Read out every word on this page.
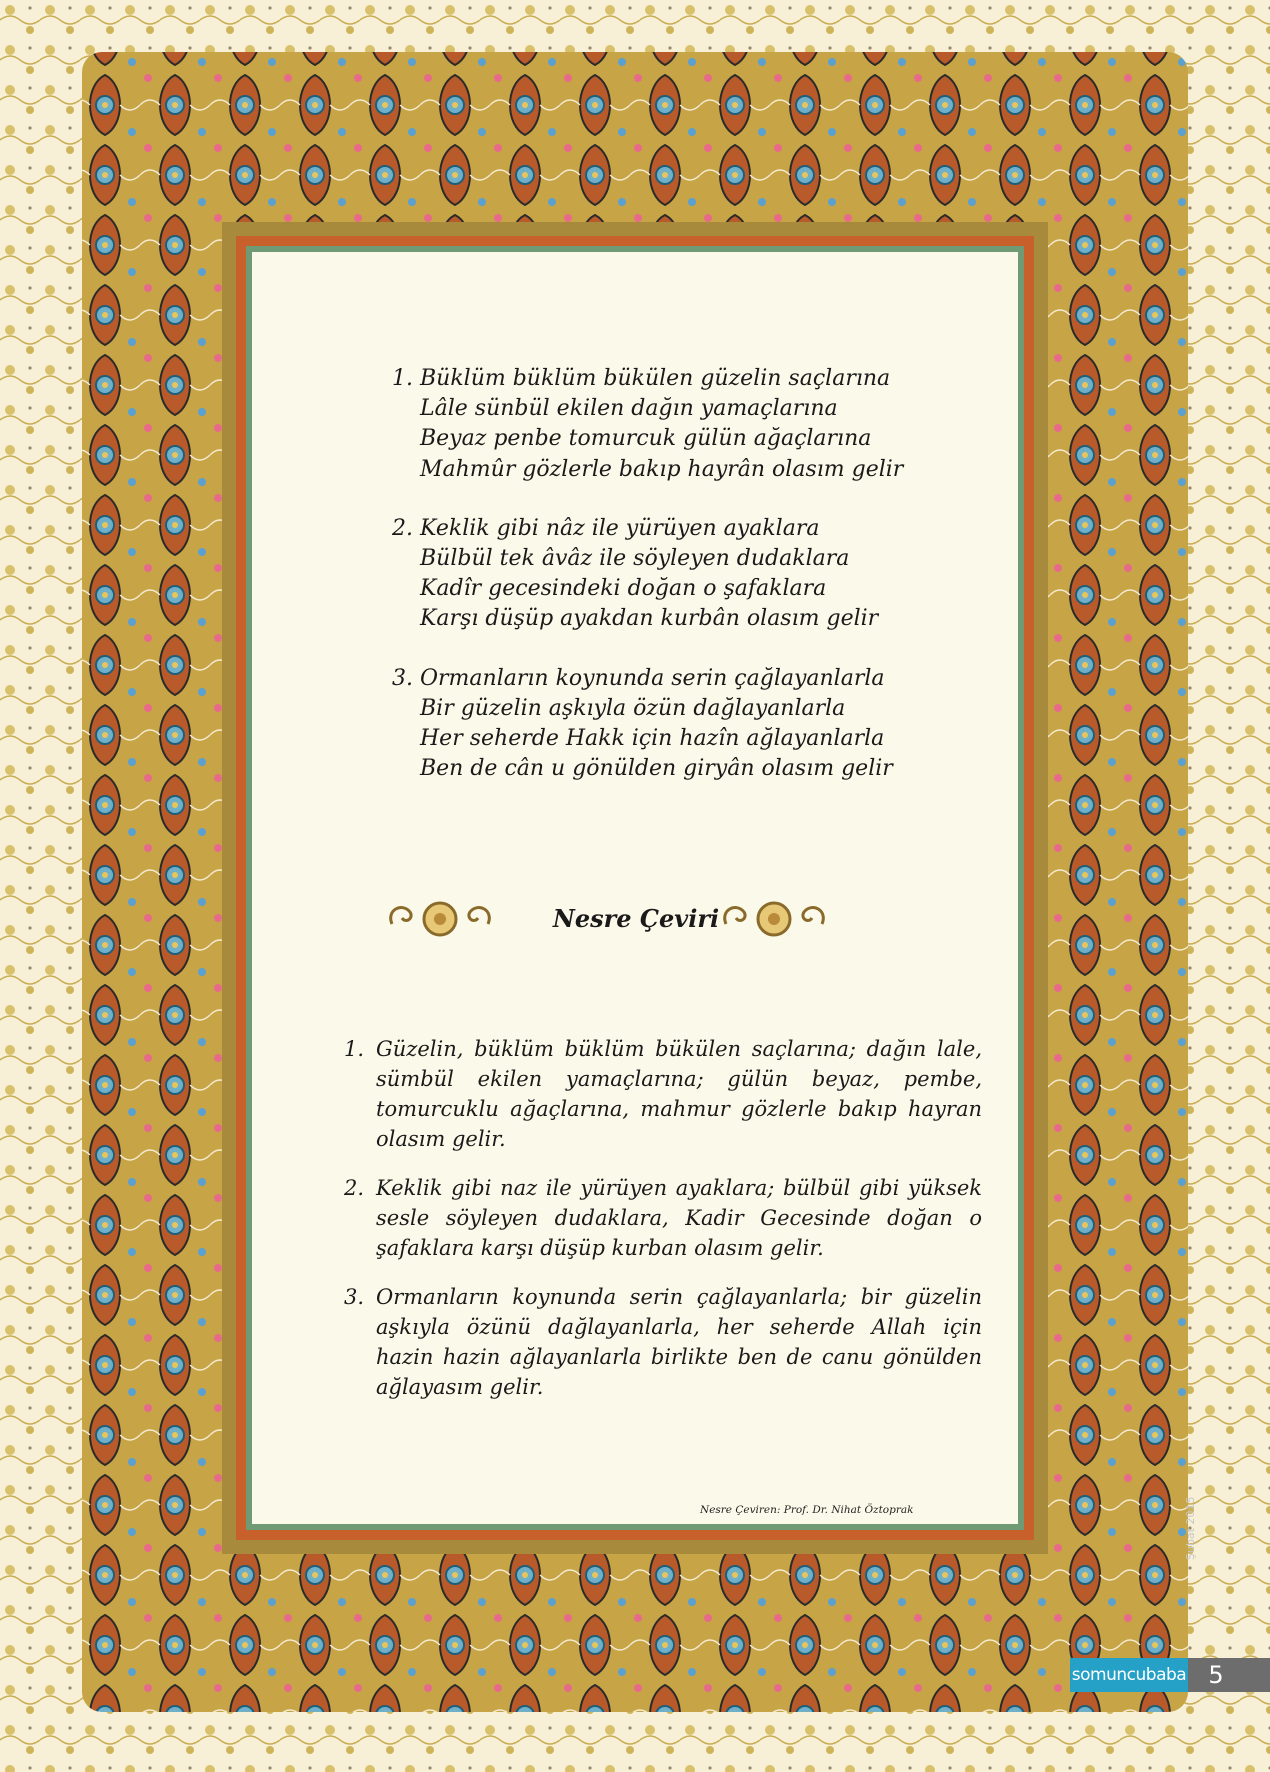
1. Büklüm büklüm bükülen güzelin saçlarına
Lâle sünbül ekilen dağın yamaçlarına
Beyaz penbe tomurcuk gülün ağaçlarına
Mahmûr gözlerle bakıp hayrân olasım gelir
2. Keklik gibi nâz ile yürüyen ayaklara
Bülbül tek âvâz ile söyleyen dudaklara
Kadîr gecesindeki doğan o şafaklara
Karşı düşüp ayakdan kurbân olasım gelir
3. Ormanların koynunda serin çağlayanlarla
Bir güzelin aşkıyla özün dağlayanlarla
Her seherde Hakk için hazîn ağlayanlarla
Ben de cân u gönülden giryân olasım gelir
Nesre Çeviri
1. Güzelin, büklüm büklüm bükülen saçlarına; dağın lale, sümbül ekilen yamaçlarına; gülün beyaz, pembe, tomurcuklu ağaçlarına, mahmur gözlerle bakıp hayran olasım gelir.
2. Keklik gibi naz ile yürüyen ayaklara; bülbül gibi yüksek sesle söyleyen dudaklara, Kadir Gecesinde doğan o şafaklara karşı düşüp kurban olasım gelir.
3. Ormanların koynunda serin çağlayanlarla; bir güzelin aşkıyla özünü dağlayanlarla, her seherde Allah için hazin hazin ağlayanlarla birlikte ben de canu gönülden ağlayasım gelir.
Nesre Çeviren: Prof. Dr. Nihat Öztoprak
somuncubaba 5
Şubat 2015
